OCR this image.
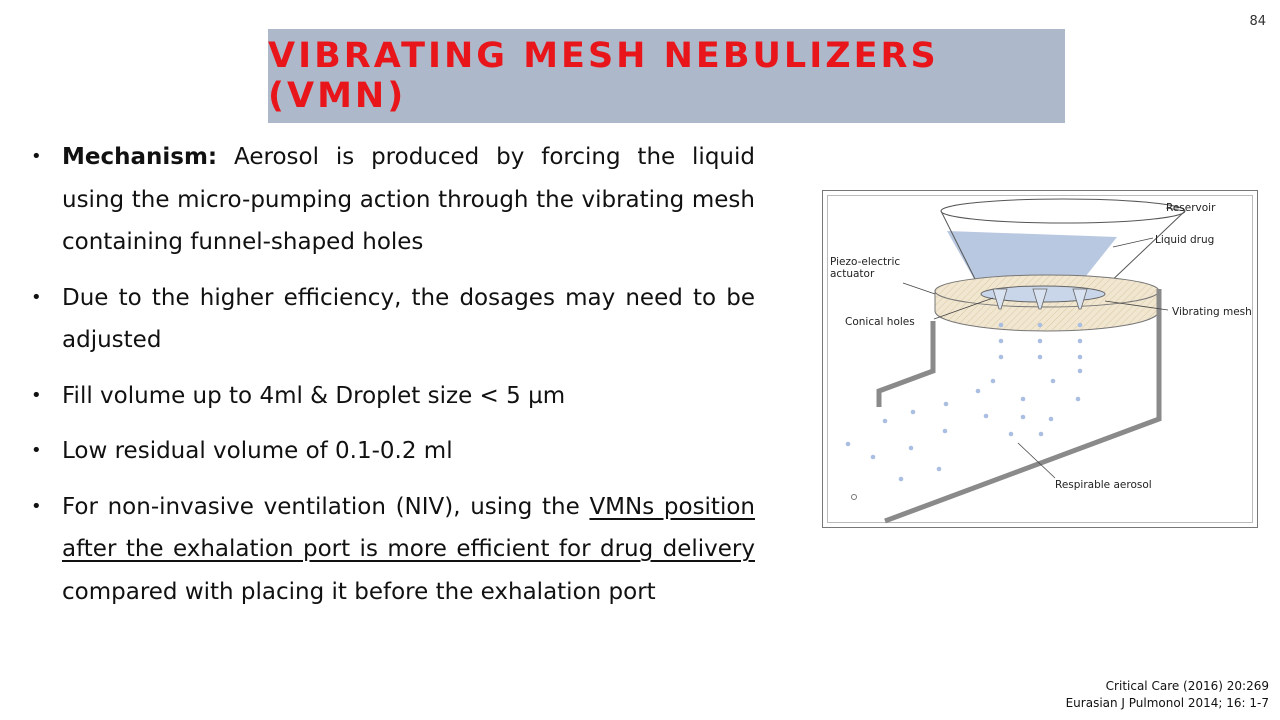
84
VIBRATING MESH NEBULIZERS (VMN)
• Mechanism: Aerosol is produced by forcing the liquid using the micro-pumping action through the vibrating mesh containing funnel-shaped holes
• Due to the higher efficiency, the dosages may need to be adjusted
• Fill volume up to 4ml & Droplet size < 5 µm
• Low residual volume of 0.1-0.2 ml
• For non-invasive ventilation (NIV), using the VMNs position after the exhalation port is more efficient for drug delivery compared with placing it before the exhalation port
Reservoir
Liquid drug
Piezo-electric
actuator
Vibrating mesh
Conical holes
Respirable aerosol
Critical Care (2016) 20:269
Eurasian J Pulmonol 2014; 16: 1-7
